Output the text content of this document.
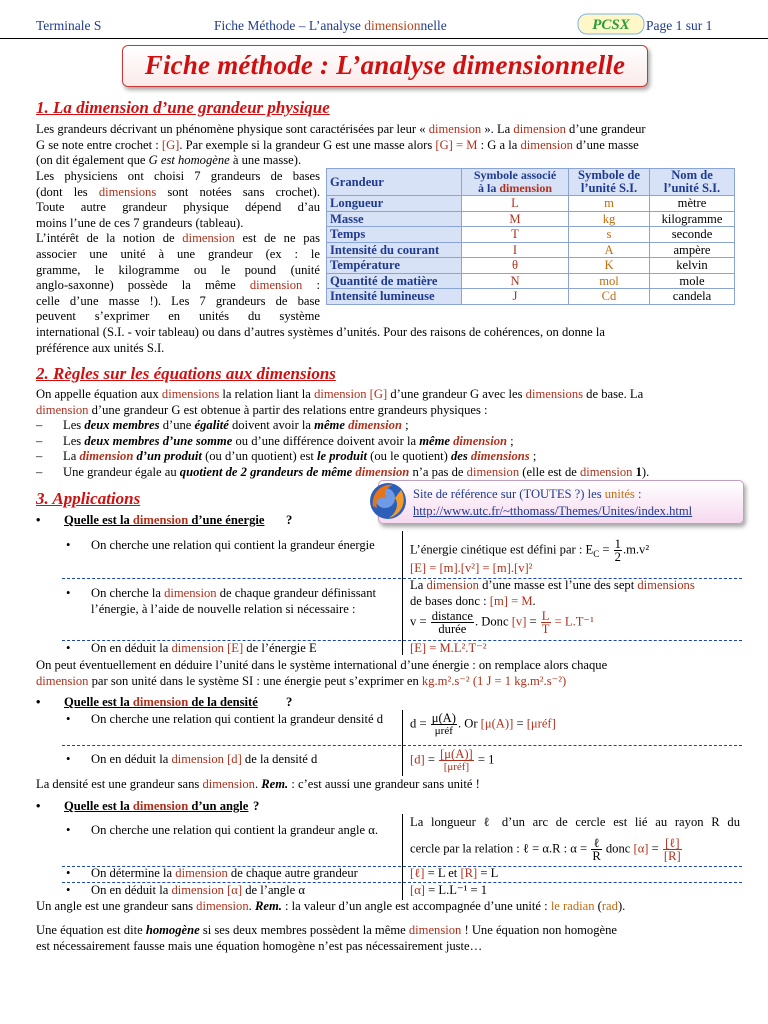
Terminale S	Fiche Méthode – L’analyse dimensionnelle	PCSX Page 1 sur 1
Fiche méthode : L’analyse dimensionnelle
1. La dimension d’une grandeur physique
Les grandeurs décrivant un phénomène physique sont caractérisées par leur « dimension ». La dimension d’une grandeur
G se note entre crochet : [G]. Par exemple si la grandeur G est une masse alors [G] = M : G a la dimension d’une masse
(on dit également que G est homogène à une masse).
Les physiciens ont choisi 7 grandeurs de bases
(dont les dimensions sont notées sans crochet).
Toute autre grandeur physique dépend d’au
moins l’une de ces 7 grandeurs (tableau).
L’intérêt de la notion de dimension est de ne pas
associer une unité à une grandeur (ex : le
gramme, le kilogramme ou le pound (unité
anglo-saxonne) possède la même dimension :
celle d’une masse !). Les 7 grandeurs de base
peuvent s’exprimer en unités du système
international (S.I. - voir tableau) ou dans d’autres systèmes d’unités. Pour des raisons de cohérences, on donne la
préférence aux unités S.I.
Grandeur	Symbole associé
à la dimension	Symbole de
l’unité S.I.	Nom de
l’unité S.I.
Longueur	L	m	mètre
Masse	M	kg	kilogramme
Temps	T	s	seconde
Intensité du courant	I	A	ampère
Température	θ	K	kelvin
Quantité de matière	N	mol	mole
Intensité lumineuse	J	Cd	candela
2. Règles sur les équations aux dimensions
On appelle équation aux dimensions la relation liant la dimension [G] d’une grandeur G avec les dimensions de base. La
dimension d’une grandeur G est obtenue à partir des relations entre grandeurs physiques :
– Les deux membres d’une égalité doivent avoir la même dimension ;
– Les deux membres d’une somme ou d’une différence doivent avoir la même dimension ;
– La dimension d’un produit (ou d’un quotient) est le produit (ou le quotient) des dimensions ;
– Une grandeur égale au quotient de 2 grandeurs de même dimension n’a pas de dimension (elle est de dimension 1).
3. Applications	Site de référence sur (TOUTES ?) les unités :
http://www.utc.fr/~tthomass/Themes/Unites/index.html
• Quelle est la dimension d’une énergie ?
• On cherche une relation qui contient la grandeur énergie	L’énergie cinétique est défini par : $E_C = \frac{1}{2} .m.v^2$
[E] = [m].[v²] = [m].[v]²
• On cherche la dimension de chaque grandeur définissant l’énergie, à l’aide de nouvelle relation si nécessaire :
La dimension d’une masse est l’une des sept dimensions
de bases donc : [m] = M.
$v = \frac{\text{distance}}{\text{durée}}$ . Donc $[v] = \frac{L}{T} = L.T^{-1}$
• On en déduit la dimension [E] de l’énergie E	[E] = M.L².T⁻²
On peut éventuellement en déduire l’unité dans le système international d’une énergie : on remplace alors chaque
dimension par son unité dans le système SI : une énergie peut s’exprimer en kg.m².s⁻² (1 J = 1 kg.m².s⁻²)
• Quelle est la dimension de la densité ?
• On cherche une relation qui contient la grandeur densité d	$d = \frac{\mu(A)}{\text{μréf}}$ . Or [μ(A)] = [μréf]
• On en déduit la dimension [d] de la densité d	$[d] = \frac{[\mu(A)]}{\text{[μréf]}} = 1$
La densité est une grandeur sans dimension. Rem. : c’est aussi une grandeur sans unité !
• Quelle est la dimension d’un angle ?
• On cherche une relation qui contient la grandeur angle α.
La longueur ℓ d’un arc de cercle est lié au rayon R du
cercle par la relation : ℓ = α.R : $\alpha = \frac{\text{ℓ}}{R}$ donc $[\alpha] = \frac{\text{[ℓ]}}{[R]}$
• On détermine la dimension de chaque autre grandeur	[ℓ] = L et [R] = L
• On en déduit la dimension [α] de l’angle α	[α] = L.L⁻¹ = 1
Un angle est une grandeur sans dimension. Rem. : la valeur d’un angle est accompagnée d’une unité : le radian (rad).
Une équation est dite homogène si ses deux membres possèdent la même dimension ! Une équation non homogène
est nécessairement fausse mais une équation homogène n’est pas nécessairement juste…
